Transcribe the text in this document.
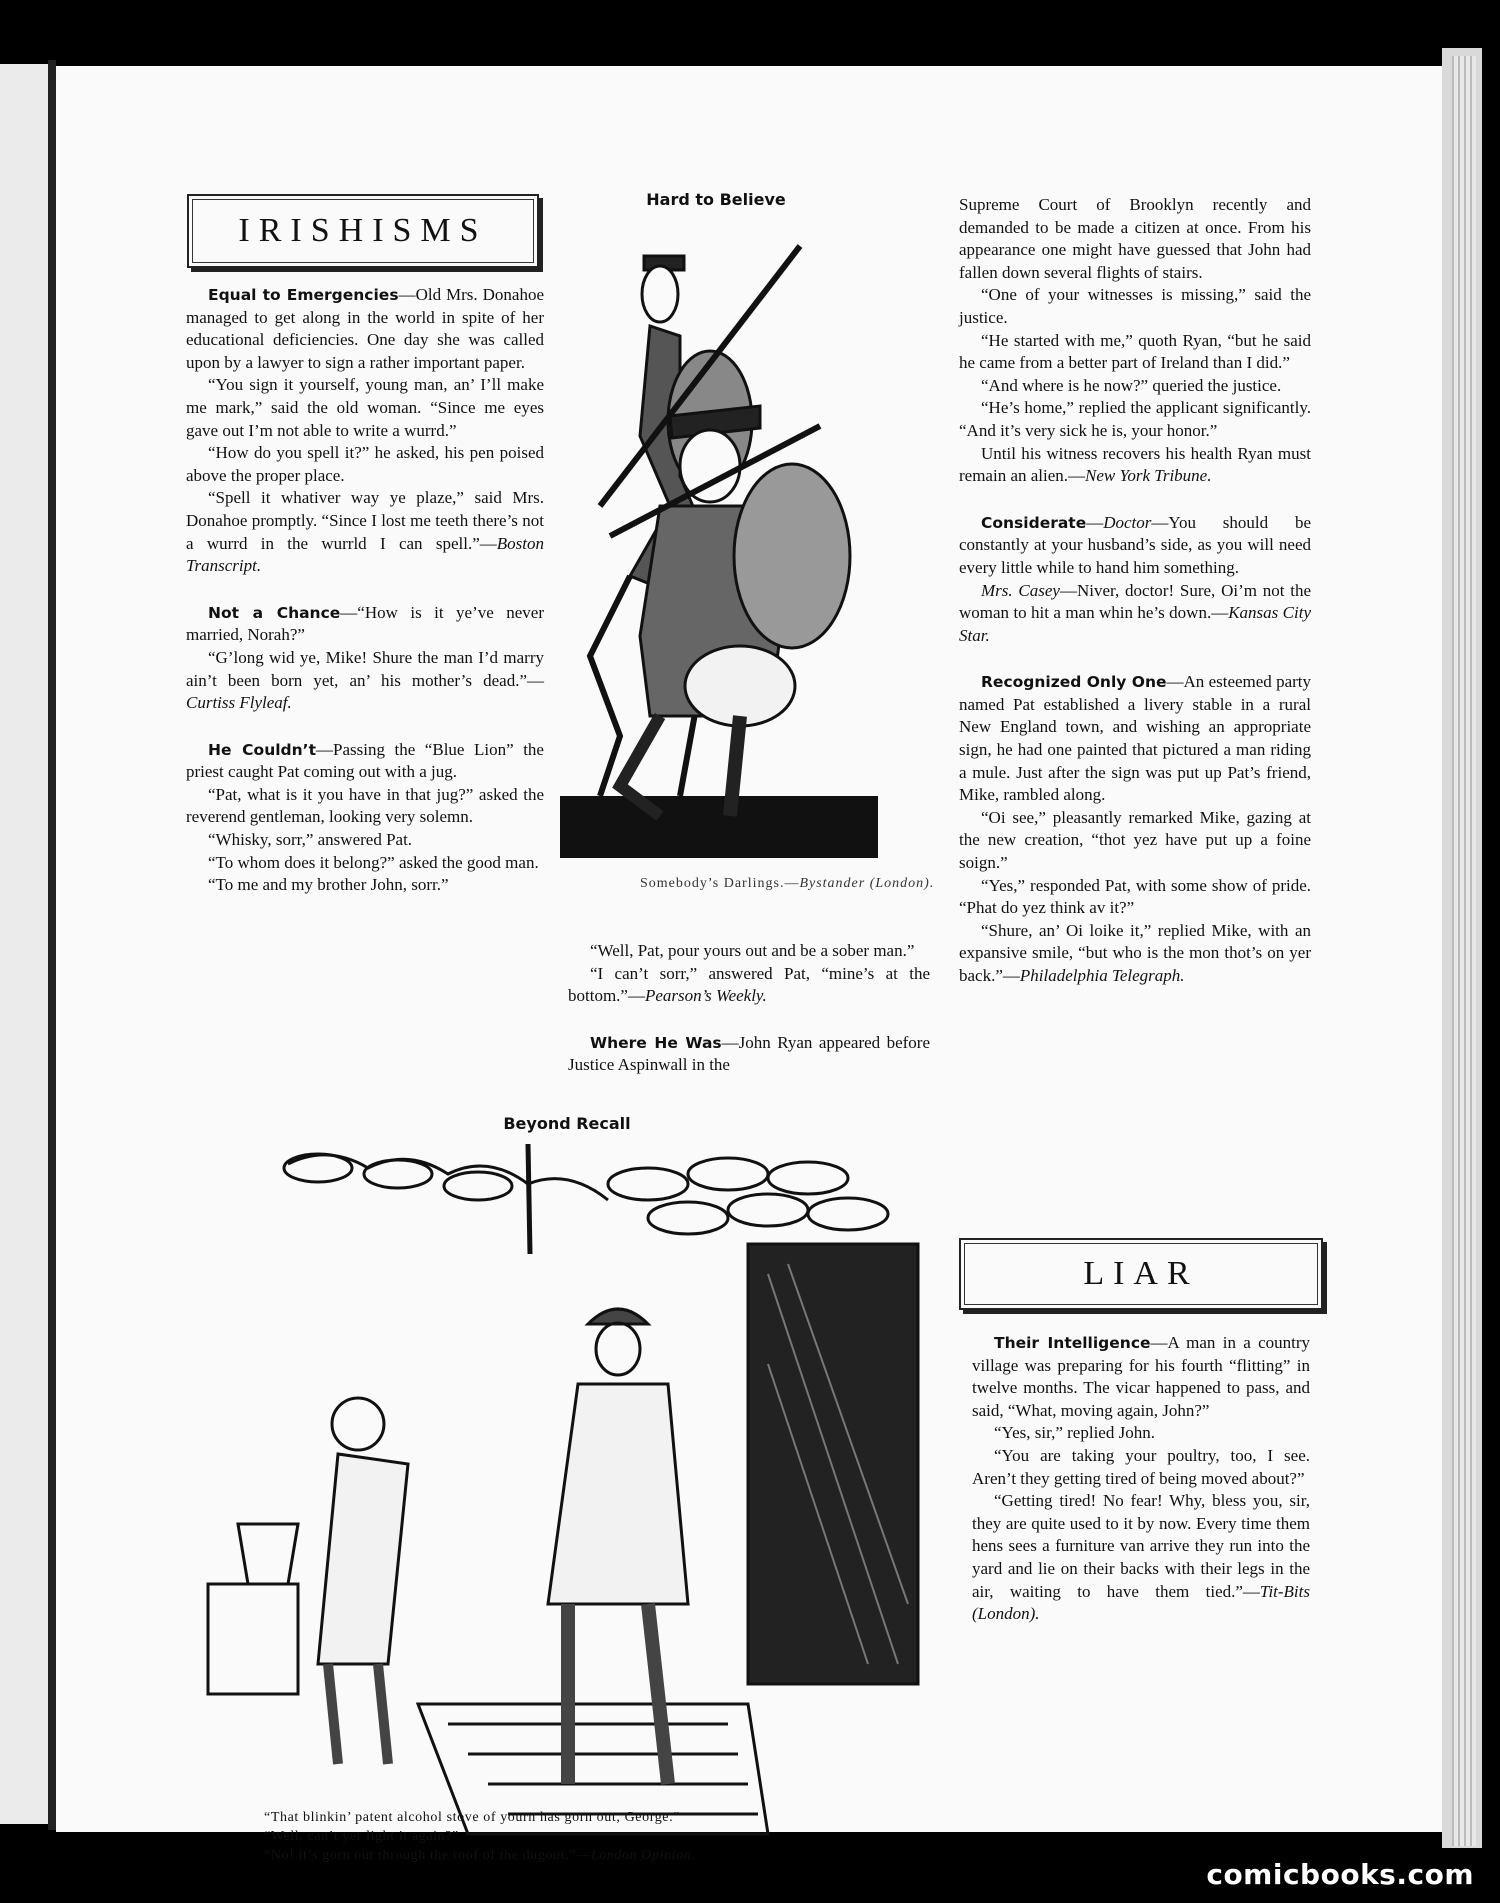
IRISHISMS

Equal to Emergencies—Old Mrs. Donahoe managed to get along in the world in spite of her educational deficiencies. One day she was called upon by a lawyer to sign a rather important paper.

“You sign it yourself, young man, an’ I’ll make me mark,” said the old woman. “Since me eyes gave out I’m not able to write a wurrd.”

“How do you spell it?” he asked, his pen poised above the proper place.

“Spell it whativer way ye plaze,” said Mrs. Donahoe promptly. “Since I lost me teeth there’s not a wurrd in the wurrld I can spell.”—Boston Transcript.

Not a Chance—“How is it ye’ve never married, Norah?”

“G’long wid ye, Mike! Shure the man I’d marry ain’t been born yet, an’ his mother’s dead.”—Curtiss Flyleaf.

He Couldn’t—Passing the “Blue Lion” the priest caught Pat coming out with a jug.

“Pat, what is it you have in that jug?” asked the reverend gentleman, looking very solemn.

“Whisky, sorr,” answered Pat.

“To whom does it belong?” asked the good man.

“To me and my brother John, sorr.”

Hard to Believe
Somebody’s Darlings.—Bystander (London).

“Well, Pat, pour yours out and be a sober man.”

“I can’t sorr,” answered Pat, “mine’s at the bottom.”—Pearson’s Weekly.

Where He Was—John Ryan appeared before Justice Aspinwall in the

Beyond Recall
“That blinkin’ patent alcohol stove of yourn has gorn out, George.”
“Well, can’t yer light it again?”
“No! it’s gorn out through the roof of the dugout.”—London Opinion.

Supreme Court of Brooklyn recently and demanded to be made a citizen at once. From his appearance one might have guessed that John had fallen down several flights of stairs.

“One of your witnesses is missing,” said the justice.

“He started with me,” quoth Ryan, “but he said he came from a better part of Ireland than I did.”

“And where is he now?” queried the justice.

“He’s home,” replied the applicant significantly. “And it’s very sick he is, your honor.”

Until his witness recovers his health Ryan must remain an alien.—New York Tribune.

Considerate—Doctor—You should be constantly at your husband’s side, as you will need every little while to hand him something.

Mrs. Casey—Niver, doctor! Sure, Oi’m not the woman to hit a man whin he’s down.—Kansas City Star.

Recognized Only One—An esteemed party named Pat established a livery stable in a rural New England town, and wishing an appropriate sign, he had one painted that pictured a man riding a mule. Just after the sign was put up Pat’s friend, Mike, rambled along.

“Oi see,” pleasantly remarked Mike, gazing at the new creation, “thot yez have put up a foine soign.”

“Yes,” responded Pat, with some show of pride. “Phat do yez think av it?”

“Shure, an’ Oi loike it,” replied Mike, with an expansive smile, “but who is the mon thot’s on yer back.”—Philadelphia Telegraph.

LIAR

Their Intelligence—A man in a country village was preparing for his fourth “flitting” in twelve months. The vicar happened to pass, and said, “What, moving again, John?”

“Yes, sir,” replied John.

“You are taking your poultry, too, I see. Aren’t they getting tired of being moved about?”

“Getting tired! No fear! Why, bless you, sir, they are quite used to it by now. Every time them hens sees a furniture van arrive they run into the yard and lie on their backs with their legs in the air, waiting to have them tied.”—Tit-Bits (London).

comicbooks.com
